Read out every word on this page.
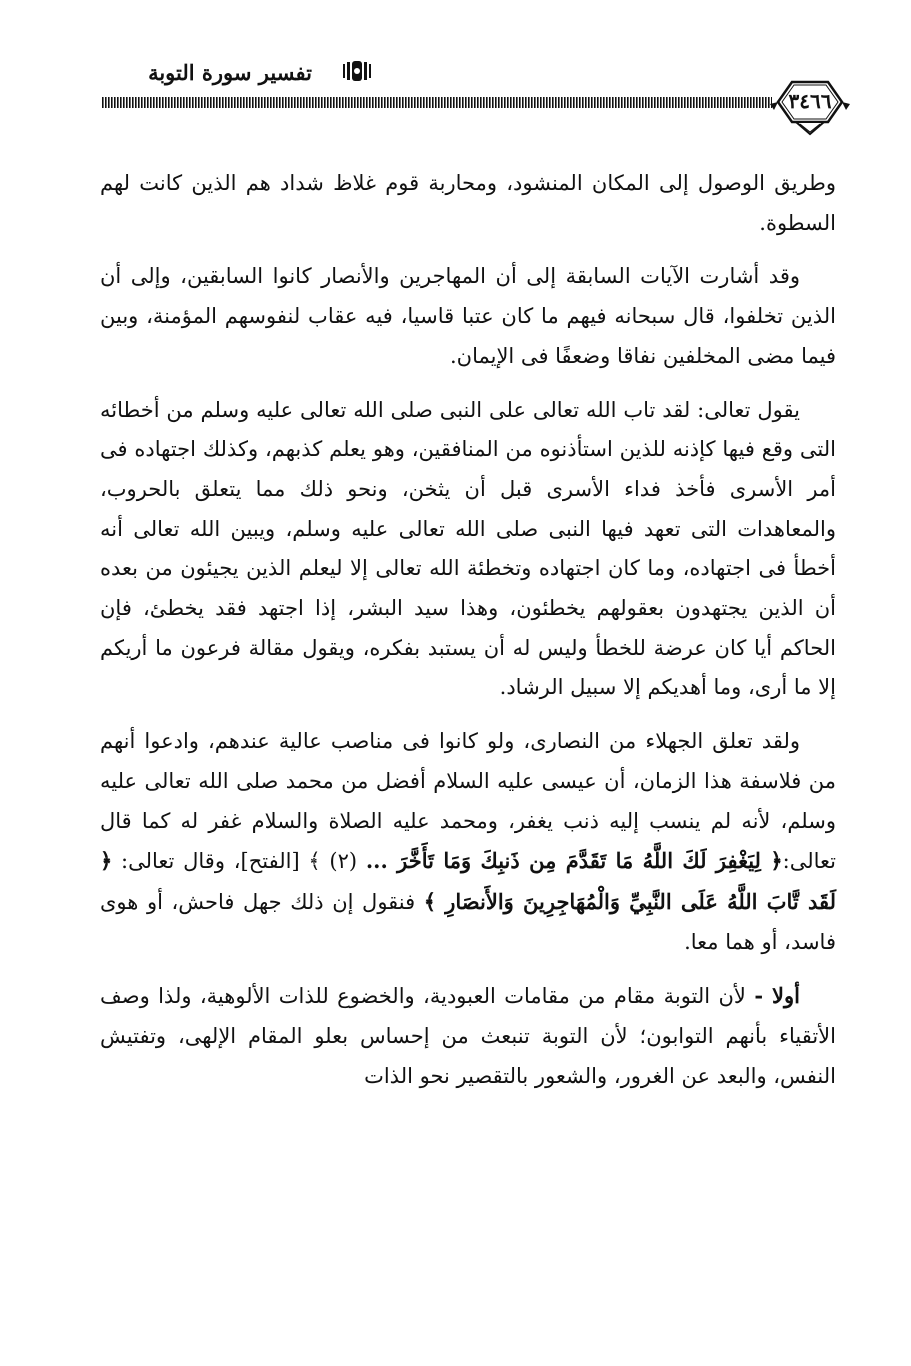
تفسير سورة التوبة
٣٤٦٦

وطريق الوصول إلى المكان المنشود، ومحاربة قوم غلاظ شداد هم الذين كانت لهم السطوة.

وقد أشارت الآيات السابقة إلى أن المهاجرين والأنصار كانوا السابقين، وإلى أن الذين تخلفوا، قال سبحانه فيهم ما كان عتبا قاسيا، فيه عقاب لنفوسهم المؤمنة، وبين فيما مضى المخلفين نفاقا وضعفًا فى الإيمان.

يقول تعالى: لقد تاب الله تعالى على النبى صلى الله تعالى عليه وسلم من أخطائه التى وقع فيها كإذنه للذين استأذنوه من المنافقين، وهو يعلم كذبهم، وكذلك اجتهاده فى أمر الأسرى فأخذ فداء الأسرى قبل أن يثخن، ونحو ذلك مما يتعلق بالحروب، والمعاهدات التى تعهد فيها النبى صلى الله تعالى عليه وسلم، ويبين الله تعالى أنه أخطأ فى اجتهاده، وما كان اجتهاده وتخطئة الله تعالى إلا ليعلم الذين يجيئون من بعده أن الذين يجتهدون بعقولهم يخطئون، وهذا سيد البشر، إذا اجتهد فقد يخطئ، فإن الحاكم أيا كان عرضة للخطأ وليس له أن يستبد بفكره، ويقول مقالة فرعون ما أريكم إلا ما أرى، وما أهديكم إلا سبيل الرشاد.

ولقد تعلق الجهلاء من النصارى، ولو كانوا فى مناصب عالية عندهم، وادعوا أنهم من فلاسفة هذا الزمان، أن عيسى عليه السلام أفضل من محمد صلى الله تعالى عليه وسلم، لأنه لم ينسب إليه ذنب يغفر، ومحمد عليه الصلاة والسلام غفر له كما قال تعالى:﴿ لِيَغْفِرَ لَكَ اللَّهُ مَا تَقَدَّمَ مِن ذَنبِكَ وَمَا تَأَخَّرَ ... (٢) ﴾ [الفتح]، وقال تعالى: ﴿ لَقَد تَّابَ اللَّهُ عَلَى النَّبِيِّ وَالْمُهَاجِرِينَ وَالأَنصَارِ ﴾ فنقول إن ذلك جهل فاحش، أو هوى فاسد، أو هما معا.

أولا - لأن التوبة مقام من مقامات العبودية، والخضوع للذات الألوهية، ولذا وصف الأتقياء بأنهم التوابون؛ لأن التوبة تنبعث من إحساس بعلو المقام الإلهى، وتفتيش النفس، والبعد عن الغرور، والشعور بالتقصير نحو الذات
